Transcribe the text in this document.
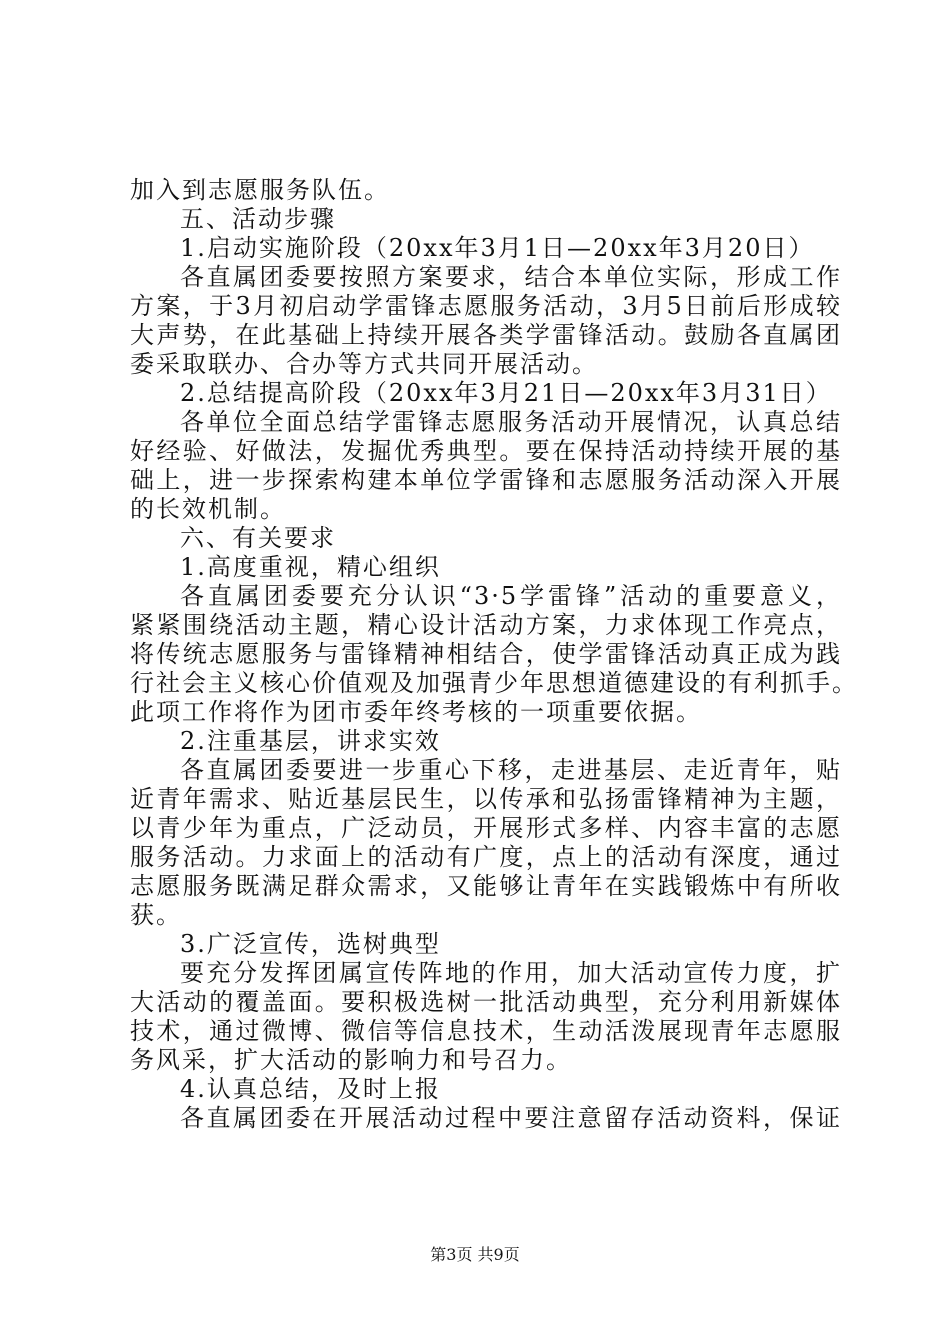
加入到志愿服务队伍。
五、活动步骤
1.启动实施阶段（20xx年3月1日—20xx年3月20日）
各直属团委要按照方案要求，结合本单位实际，形成工作
方案，于3月初启动学雷锋志愿服务活动，3月5日前后形成较
大声势，在此基础上持续开展各类学雷锋活动。鼓励各直属团
委采取联办、合办等方式共同开展活动。
2.总结提高阶段（20xx年3月21日—20xx年3月31日）
各单位全面总结学雷锋志愿服务活动开展情况，认真总结
好经验、好做法，发掘优秀典型。要在保持活动持续开展的基
础上，进一步探索构建本单位学雷锋和志愿服务活动深入开展
的长效机制。
六、有关要求
1.高度重视，精心组织
各直属团委要充分认识“3·5学雷锋”活动的重要意义，
紧紧围绕活动主题，精心设计活动方案，力求体现工作亮点，
将传统志愿服务与雷锋精神相结合，使学雷锋活动真正成为践
行社会主义核心价值观及加强青少年思想道德建设的有利抓手。
此项工作将作为团市委年终考核的一项重要依据。
2.注重基层，讲求实效
各直属团委要进一步重心下移，走进基层、走近青年，贴
近青年需求、贴近基层民生，以传承和弘扬雷锋精神为主题，
以青少年为重点，广泛动员，开展形式多样、内容丰富的志愿
服务活动。力求面上的活动有广度，点上的活动有深度，通过
志愿服务既满足群众需求，又能够让青年在实践锻炼中有所收
获。
3.广泛宣传，选树典型
要充分发挥团属宣传阵地的作用，加大活动宣传力度，扩
大活动的覆盖面。要积极选树一批活动典型，充分利用新媒体
技术，通过微博、微信等信息技术，生动活泼展现青年志愿服
务风采，扩大活动的影响力和号召力。
4.认真总结，及时上报
各直属团委在开展活动过程中要注意留存活动资料，保证
第3页 共9页
